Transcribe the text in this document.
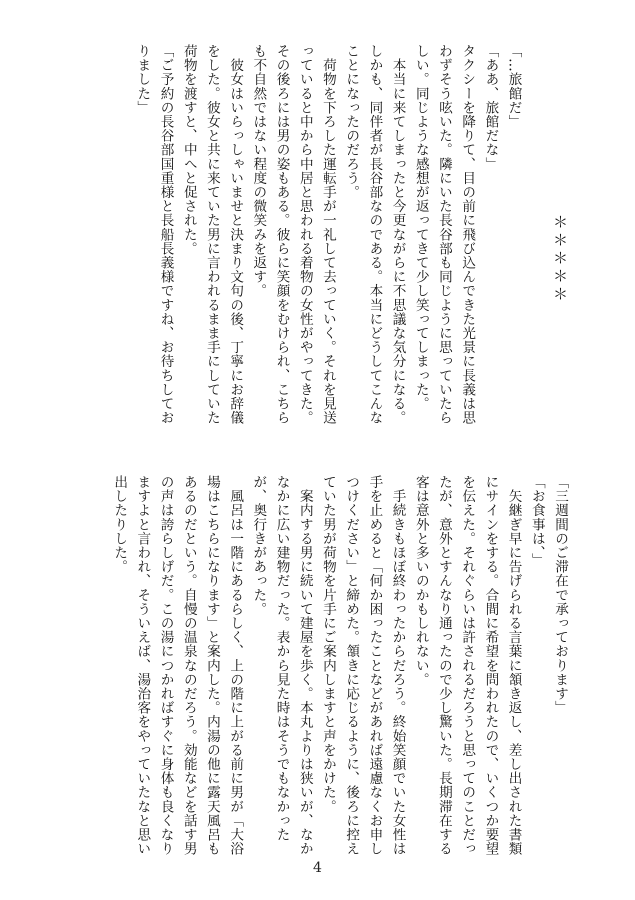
＊＊＊＊＊

「…旅館だ」
「ああ、旅館だな」
タクシーを降りて、目の前に飛び込んできた光景に長義は思わずそう呟いた。隣にいた長谷部も同じように思っていたらしい。同じような感想が返ってきて少し笑ってしまった。
　本当に来てしまったと今更ながらに不思議な気分になる。しかも、同伴者が長谷部なのである。本当にどうしてこんなことになったのだろう。
　荷物を下ろした運転手が一礼して去っていく。それを見送っていると中から中居と思われる着物の女性がやってきた。その後ろには男の姿もある。彼らに笑顔をむけられ、こちらも不自然ではない程度の微笑みを返す。
　彼女はいらっしゃいませと決まり文句の後、丁寧にお辞儀をした。彼女と共に来ていた男に言われるまま手にしていた荷物を渡すと、中へと促された。
「ご予約の長谷部国重様と長船長義様ですね、お待ちしておりました」

「三週間のご滞在で承っております」
「お食事は、」
　矢継ぎ早に告げられる言葉に頷き返し、差し出された書類にサインをする。合間に希望を問われたので、いくつか要望を伝えた。それぐらいは許されるだろうと思ってのことだったが、意外とすんなり通ったので少し驚いた。長期滞在する客は意外と多いのかもしれない。
　手続きもほぼ終わったからだろう。終始笑顔でいた女性は手を止めると「何か困ったことなどがあれば遠慮なくお申しつけください」と締めた。頷きに応じるように、後ろに控えていた男が荷物を片手にご案内しますと声をかけた。
　案内する男に続いて建屋を歩く。本丸よりは狭いが、なかなかに広い建物だった。表から見た時はそうでもなかったが、奥行きがあった。
　風呂は一階にあるらしく、上の階に上がる前に男が「大浴場はこちらになります」と案内した。内湯の他に露天風呂もあるのだという。自慢の温泉なのだろう。効能などを話す男の声は誇らしげだ。この湯につかればすぐに身体も良くなりますよと言われ、そういえば、湯治客をやっていたなと思い出したりした。

4
